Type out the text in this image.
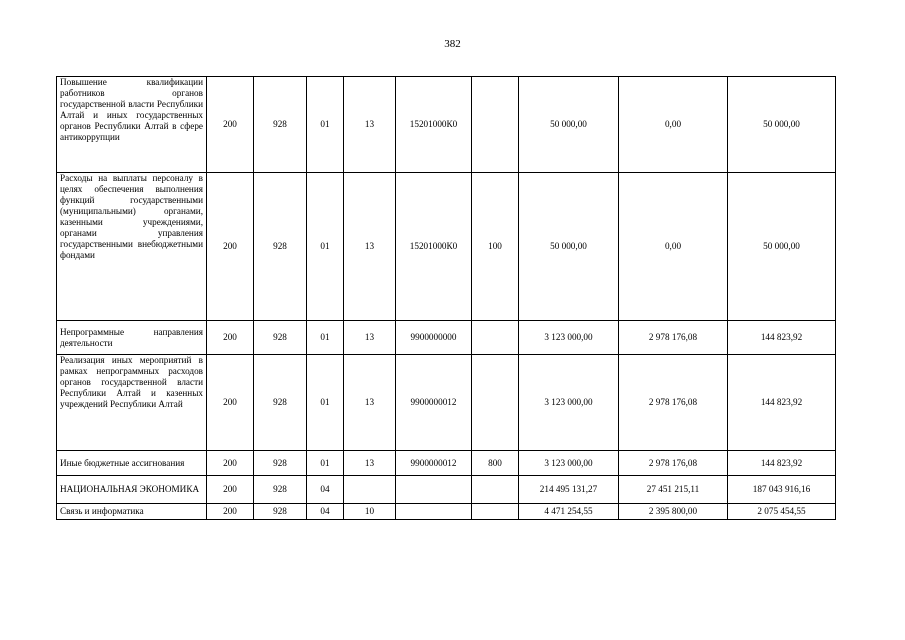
382
Повышение квалификации работников органов государственной власти Республики Алтай и иных государственных органов Республики Алтай в сфере антикоррупции	200	928	01	13	15201000К0		50 000,00	0,00	50 000,00
Расходы на выплаты персоналу в целях обеспечения выполнения функций государственными (муниципальными) органами, казенными учреждениями, органами управления государственными внебюджетными фондами	200	928	01	13	15201000К0	100	50 000,00	0,00	50 000,00
Непрограммные направления деятельности	200	928	01	13	9900000000		3 123 000,00	2 978 176,08	144 823,92
Реализация иных мероприятий в рамках непрограммных расходов органов государственной власти Республики Алтай и казенных учреждений Республики Алтай	200	928	01	13	9900000012		3 123 000,00	2 978 176,08	144 823,92
Иные бюджетные ассигнования	200	928	01	13	9900000012	800	3 123 000,00	2 978 176,08	144 823,92
НАЦИОНАЛЬНАЯ ЭКОНОМИКА	200	928	04				214 495 131,27	27 451 215,11	187 043 916,16
Связь и информатика	200	928	04	10			4 471 254,55	2 395 800,00	2 075 454,55
